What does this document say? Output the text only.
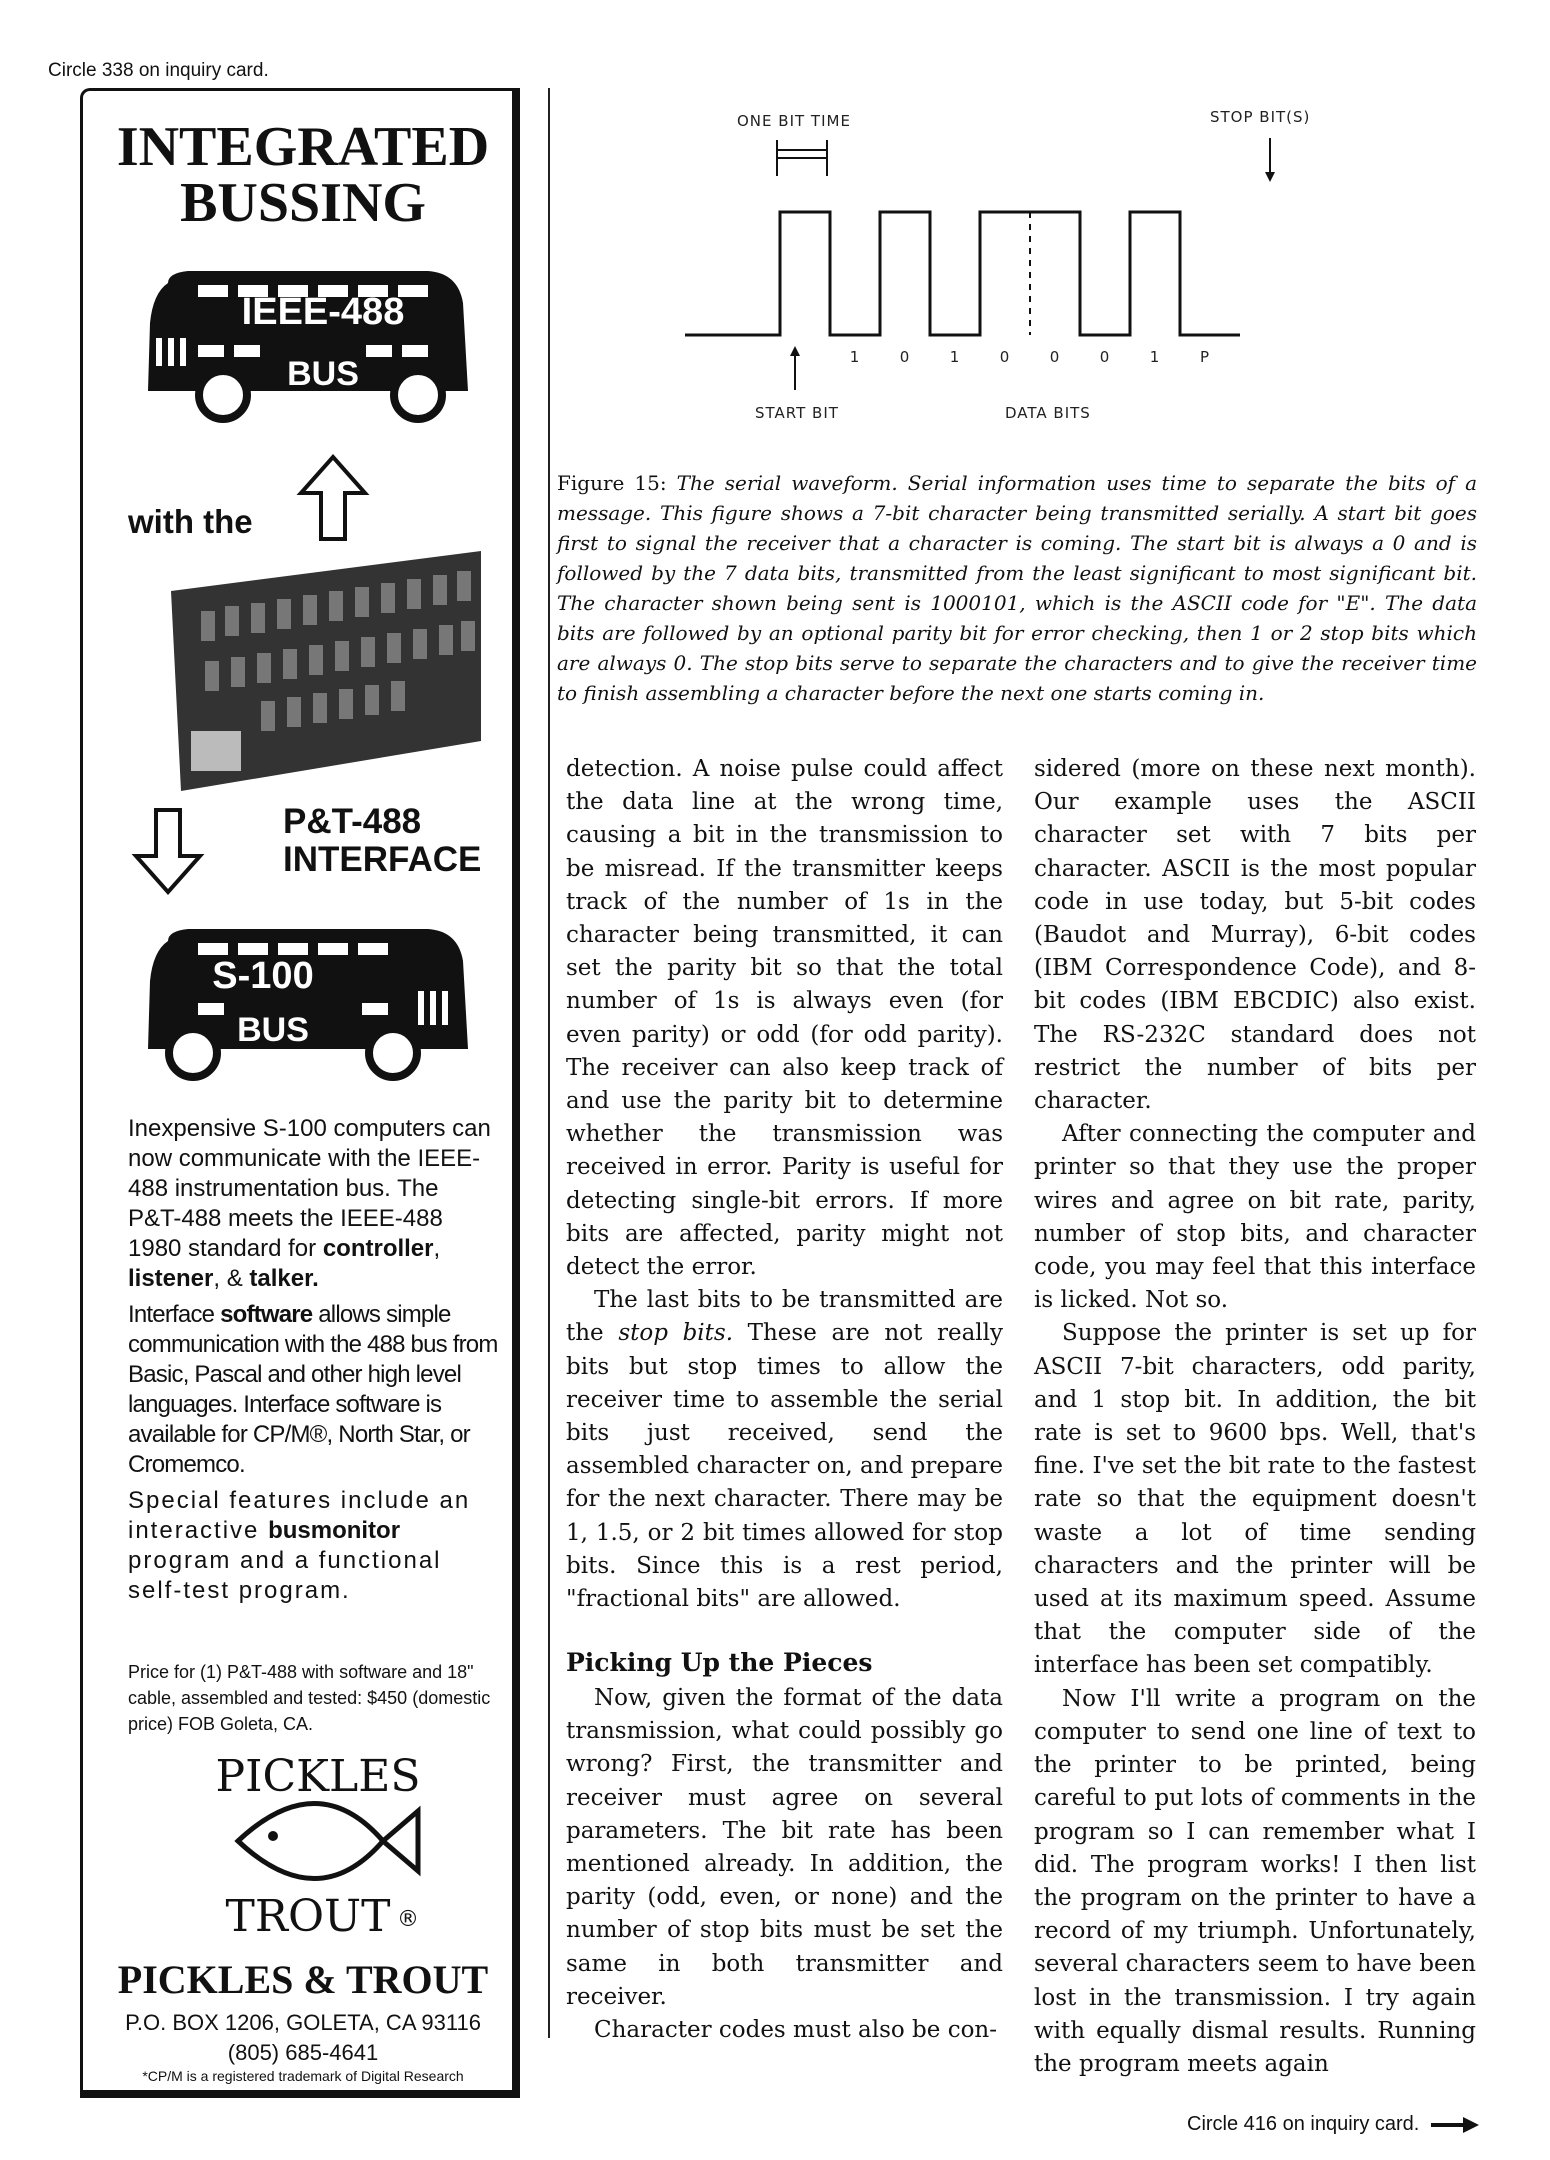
Circle 338 on inquiry card.
INTEGRATED
BUSSING
IEEE-488
BUS
with the
P&T-488
INTERFACE
S-100
BUS

Inexpensive S-100 computers can now communicate with the IEEE-488 instrumentation bus. The P&T-488 meets the IEEE-488 1980 standard for controller, listener, & talker.

Interface software allows simple communication with the 488 bus from Basic, Pascal and other high level languages. Interface software is available for CP/M®, North Star, or Cromemco.

Special features include an interactive busmonitor program and a functional self-test program.

Price for (1) P&T-488 with software and 18" cable, assembled and tested: $450 (domestic price) FOB Goleta, CA.
PICKLES
TROUT ®
PICKLES & TROUT
P.O. BOX 1206, GOLETA, CA 93116
(805) 685-4641
*CP/M is a registered trademark of Digital Research
ONE BIT TIME	STOP BIT(S)
1	0	1	0	0	0	1	P
START BIT	DATA BITS
Figure 15: The serial waveform. Serial information uses time to separate the bits of a message. This figure shows a 7-bit character being transmitted serially. A start bit goes first to signal the receiver that a character is coming. The start bit is always a 0 and is followed by the 7 data bits, transmitted from the least significant to most significant bit. The character shown being sent is 1000101, which is the ASCII code for "E". The data bits are followed by an optional parity bit for error checking, then 1 or 2 stop bits which are always 0. The stop bits serve to separate the characters and to give the receiver time to finish assembling a character before the next one starts coming in.

detection. A noise pulse could affect the data line at the wrong time, causing a bit in the transmission to be misread. If the transmitter keeps track of the number of 1s in the character being transmitted, it can set the parity bit so that the total number of 1s is always even (for even parity) or odd (for odd parity). The receiver can also keep track of and use the parity bit to determine whether the transmission was received in error. Parity is useful for detecting single-bit errors. If more bits are affected, parity might not detect the error.

The last bits to be transmitted are the stop bits. These are not really bits but stop times to allow the receiver time to assemble the serial bits just received, send the assembled character on, and prepare for the next character. There may be 1, 1.5, or 2 bit times allowed for stop bits. Since this is a rest period, "fractional bits" are allowed.

Picking Up the Pieces

Now, given the format of the data transmission, what could possibly go wrong? First, the transmitter and receiver must agree on several parameters. The bit rate has been mentioned already. In addition, the parity (odd, even, or none) and the number of stop bits must be set the same in both transmitter and receiver.

Character codes must also be con-

sidered (more on these next month). Our example uses the ASCII character set with 7 bits per character. ASCII is the most popular code in use today, but 5-bit codes (Baudot and Murray), 6-bit codes (IBM Correspondence Code), and 8-bit codes (IBM EBCDIC) also exist. The RS-232C standard does not restrict the number of bits per character.

After connecting the computer and printer so that they use the proper wires and agree on bit rate, parity, number of stop bits, and character code, you may feel that this interface is licked. Not so.

Suppose the printer is set up for ASCII 7-bit characters, odd parity, and 1 stop bit. In addition, the bit rate is set to 9600 bps. Well, that's fine. I've set the bit rate to the fastest rate so that the equipment doesn't waste a lot of time sending characters and the printer will be used at its maximum speed. Assume that the computer side of the interface has been set compatibly.

Now I'll write a program on the computer to send one line of text to the printer to be printed, being careful to put lots of comments in the program so I can remember what I did. The program works! I then list the program on the printer to have a record of my triumph. Unfortunately, several characters seem to have been lost in the transmission. I try again with equally dismal results. Running the program meets again

Circle 416 on inquiry card.
